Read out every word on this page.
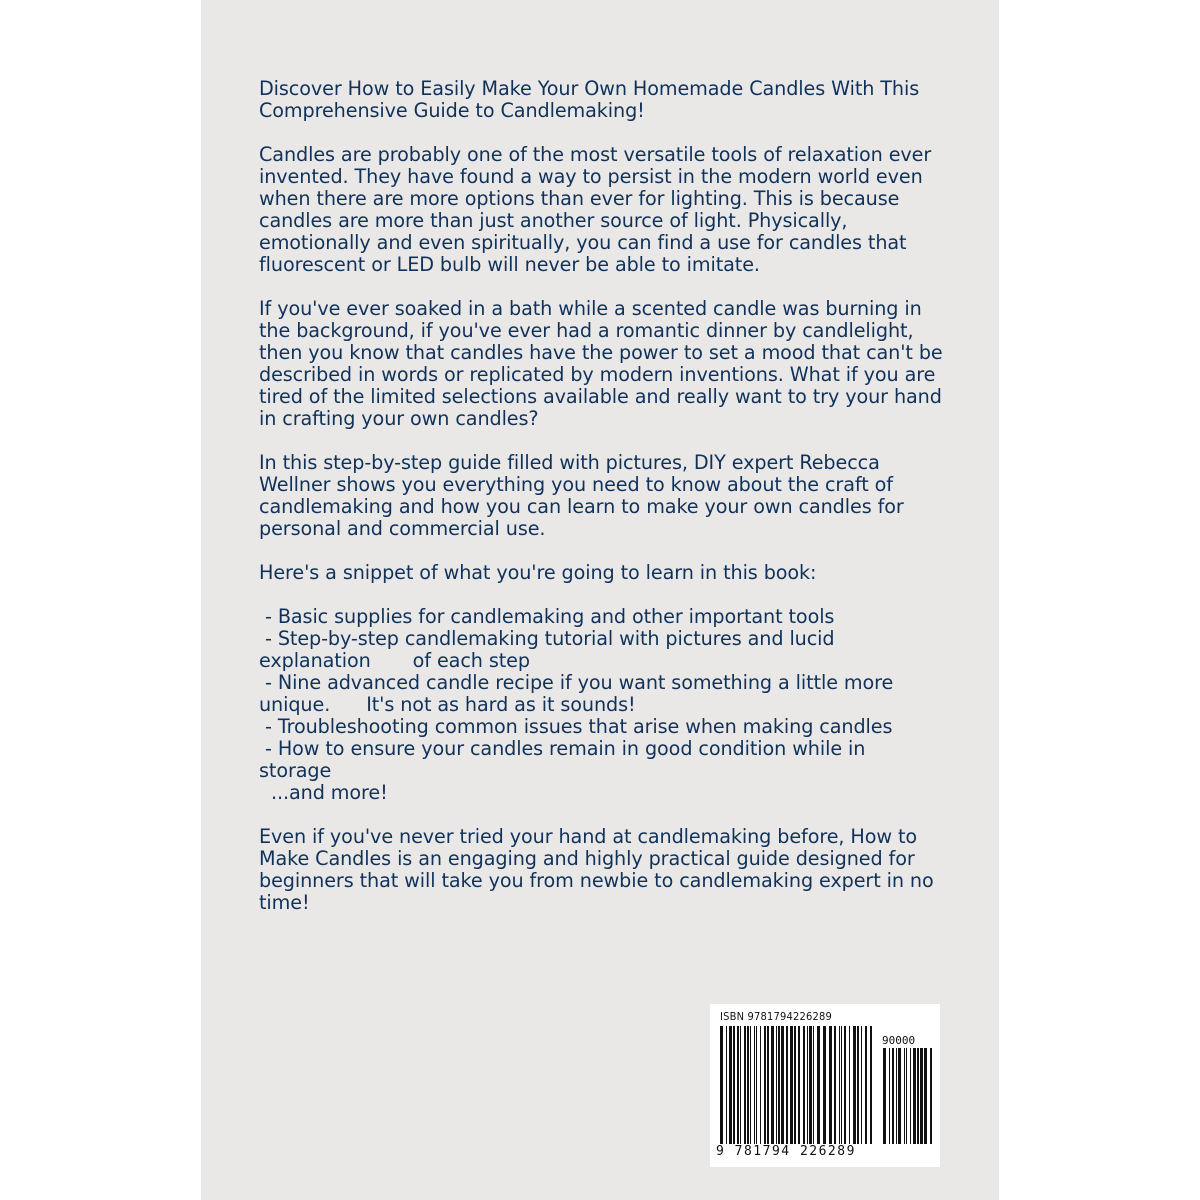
Discover How to Easily Make Your Own Homemade Candles With This Comprehensive Guide to Candlemaking!

Candles are probably one of the most versatile tools of relaxation ever invented. They have found a way to persist in the modern world even when there are more options than ever for lighting. This is because candles are more than just another source of light. Physically, emotionally and even spiritually, you can find a use for candles that fluorescent or LED bulb will never be able to imitate.

If you've ever soaked in a bath while a scented candle was burning in the background, if you've ever had a romantic dinner by candlelight, then you know that candles have the power to set a mood that can't be described in words or replicated by modern inventions. What if you are tired of the limited selections available and really want to try your hand in crafting your own candles?

In this step-by-step guide filled with pictures, DIY expert Rebecca Wellner shows you everything you need to know about the craft of candlemaking and how you can learn to make your own candles for personal and commercial use.

Here's a snippet of what you're going to learn in this book:

- Basic supplies for candlemaking and other important tools
- Step-by-step candlemaking tutorial with pictures and lucid
explanation       of each step
- Nine advanced candle recipe if you want something a little more
unique.      It's not as hard as it sounds!
- Troubleshooting common issues that arise when making candles
- How to ensure your candles remain in good condition while in
storage
...and more!

Even if you've never tried your hand at candlemaking before, How to Make Candles is an engaging and highly practical guide designed for beginners that will take you from newbie to candlemaking expert in no time!

ISBN 9781794226289
90000
9 781794 226289
